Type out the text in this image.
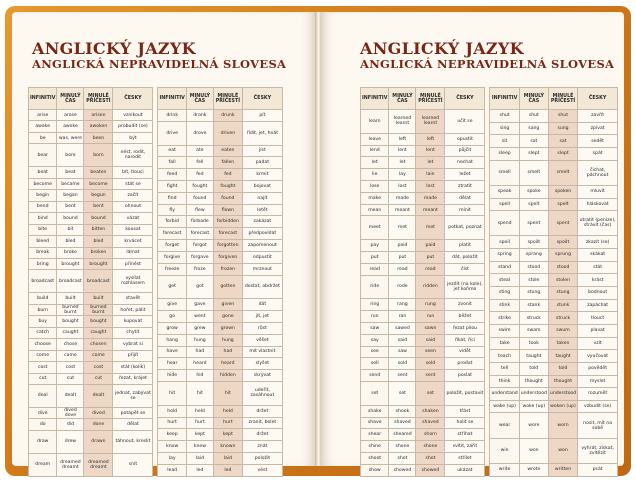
ANGLICKÝ JAZYK
ANGLICKÁ NEPRAVIDELNÁ SLOVESA
INFINITIV	MINULÝ ČAS	MINULÉ PŘÍČESTÍ	ČESKY		INFINITIV	MINULÝ ČAS	MINULÉ PŘÍČESTÍ	ČESKY
arise	arose	arisen	vznikout		drink	drank	drunk	pít
awake	awoke	awoken	probudit (se)					
					drive	drove	driven	řídit, jet, hnát
be	was, were	been	být					
bear	bore	born	nést, rodit, narodit					
					eat	ate	eaten	jíst
					fall	fell	fallen	padat
beat	beat	beaten	bít, tlouci					
					feed	fed	fed	krmit
become	became	become	stát se					
					fight	fought	fought	bojovat
begin	began	begun	začít					
					find	found	found	najít
bend	bent	bent	ohnout					
					fly	flew	flown	letět
bind	bound	bound	vázat					
					forbid	forbade	forbidden	zakázat
bite	bit	bitten	kousat					
					forecast	forecast	forecast	předpovídat
bleed	bled	bled	krvácet					
					forget	forgot	forgotten	zapomenout
break	broke	broken	lámat					
					forgive	forgave	forgiven	odpustit
bring	brought	brought	přinést					
					freeze	froze	frozen	mrznout
broadcast	broadcast	broadcast	vysílat rozhlasem					
					get	got	gotten	dostat, obdržet
build	built	built	stavět					
					give	gave	given	dát
burn	burned burnt	burned burnt	hořet, pálit					
					go	went	gone	jít, jet
buy	bought	bought	kupovat					
					grow	grew	grown	růst
catch	caught	caught	chytit					
					hang	hung	hung	věšet
choose	chose	chosen	vybrat si					
					have	had	had	mít vlastnit
come	came	come	přijít					
					hear	heard	heard	slyšet
cost	cost	cost	stát (kolik)					
					hide	hid	hidden	skrývat
cut	cut	cut	řezat, krájet					
					hit	hit	hit	udeřit, zasáhnout
deal	dealt	dealt	jednat, zabývat se					
					hold	held	held	držet
dive	dived dove	dived	potápět se					
					hurt	hurt	hurt	zranit, bolet
do	did	done	dělat					
					keep	kept	kept	držet
draw	drew	drawn	táhnout, kreslit					
					know	knew	known	znát
					lay	laid	laid	položit
dream	dreamed dreamt	dreamed dreamt	snít					
					lead	led	led	vést
ANGLICKÝ JAZYK
ANGLICKÁ NEPRAVIDELNÁ SLOVESA
INFINITIV	MINULÝ ČAS	MINULÉ PŘÍČESTÍ	ČESKY		INFINITIV	MINULÝ ČAS	MINULÉ PŘÍČESTÍ	ČESKY
learn	learned learnt	learned learnt	učit se		shut	shut	shut	zavřít
					sing	sang	sung	zpívat
leave	left	left	opustit					
					sit	sat	sat	sedět
lend	lent	lent	půjčit					
					sleep	slept	slept	spát
let	let	let	nechat					
					smell	smelt	smelt	čichat, páchnout
lie	lay	lain	ležet					
lose	lost	lost	ztratit					
					speak	spoke	spoken	mluvit
make	made	made	dělat					
					spell	spelt	spelt	hláskovat
mean	meant	meant	mínit					
					spend	spent	spent	utratit (peníze), strávit (čas)
meet	met	met	potkat, poznat					
					spoil	spoilt	spoilt	zkazit (se)
pay	paid	paid	platit					
					spring	sprang	sprung	skákat
put	put	put	dát, položit					
					stand	stood	stood	stát
read	read	read	číst					
					steal	stole	stolen	krást
ride	rode	ridden	jezdit (na kole), jet koňmo					
					sting	stung	stung	bodnout
ring	rang	rung	zvonit					
					stink	stank	stunk	zapáchat
run	ran	run	běžet					
					strike	struck	struck	tlouct
saw	sawed	sawn	řezat pilou					
					swim	swam	swum	plavat
say	said	said	říkat, říci					
					take	took	taken	vzít
see	saw	seen	vidět					
					teach	taught	taught	vyučovat
sell	sold	sold	prodat					
					tell	told	told	povědět
send	sent	sent	poslat					
					think	thought	thought	myslet
set	set	set	položit, postavit					
					understand	understood	understood	rozumět
					wake (up)	woke (up)	woken (up)	vzbudit (se)
shake	shook	shaken	třást					
					wear	wore	worn	nosit, mít na sobě
shave	shaved	shaved	holit se					
shear	sheared	shorn	stříhat					
					win	won	won	vyhrát, získat, zvítězit
shine	shone	shone	svítit, zářit					
shoot	shot	shot	střílet					
					write	wrote	written	psát
show	showed	showed	ukázat					
